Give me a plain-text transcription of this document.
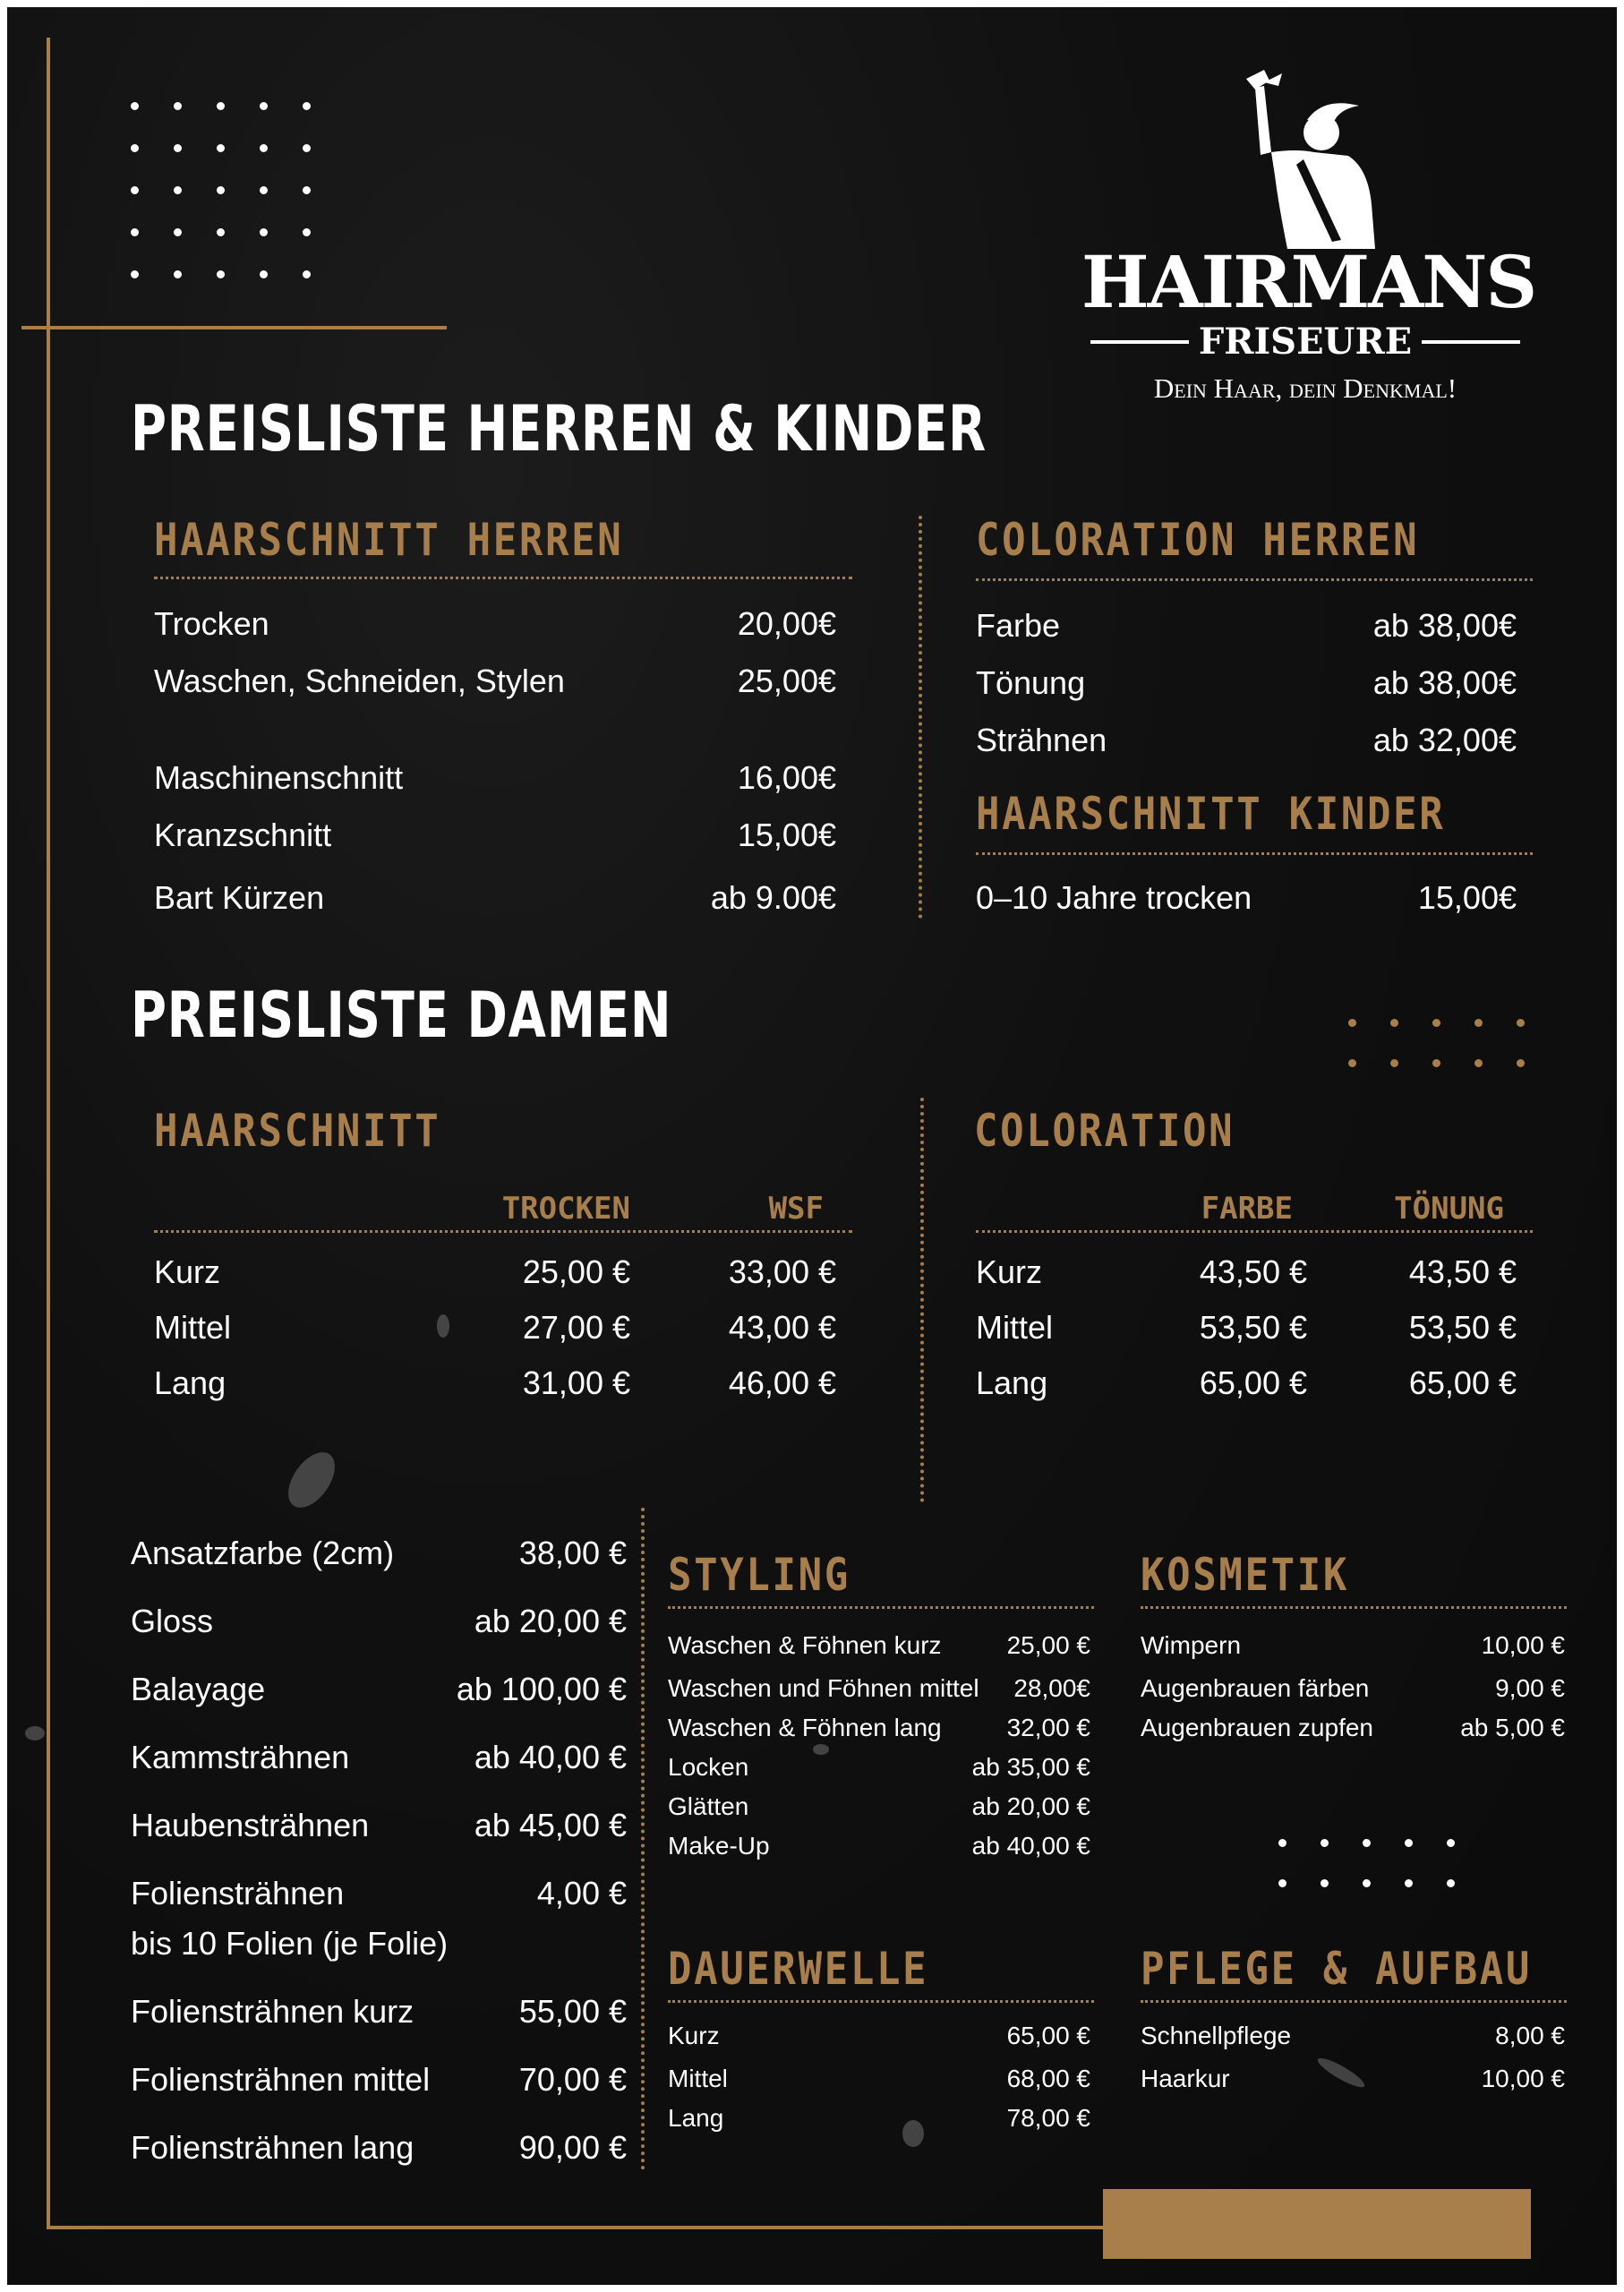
HAIRMANS
FRISEURE
Dein Haar, dein Denkmal!
PREISLISTE HERREN & KINDER
PREISLISTE DAMEN
HAARSCHNITT HERREN
Trocken	20,00€
Waschen, Schneiden, Stylen	25,00€
Maschinenschnitt	16,00€
Kranzschnitt	15,00€
Bart Kürzen	ab 9.00€
COLORATION HERREN
Farbe	ab 38,00€
Tönung	ab 38,00€
Strähnen	ab 32,00€
HAARSCHNITT KINDER
0–10 Jahre trocken	15,00€
HAARSCHNITT
TROCKEN	WSF
Kurz	25,00 €	33,00 €
Mittel	27,00 €	43,00 €
Lang	31,00 €	46,00 €
COLORATION
FARBE	TÖNUNG
Kurz	43,50 €	43,50 €
Mittel	53,50 €	53,50 €
Lang	65,00 €	65,00 €
Ansatzfarbe (2cm)	38,00 €
Gloss	ab 20,00 €
Balayage	ab 100,00 €
Kammsträhnen	ab 40,00 €
Haubensträhnen	ab 45,00 €
Foliensträhnen	4,00 €
bis 10 Folien (je Folie)
Foliensträhnen kurz	55,00 €
Foliensträhnen mittel	70,00 €
Foliensträhnen lang	90,00 €
STYLING
Waschen & Föhnen kurz	25,00 €
Waschen und Föhnen mittel	28,00€
Waschen & Föhnen lang	32,00 €
Locken	ab 35,00 €
Glätten	ab 20,00 €
Make-Up	ab 40,00 €
KOSMETIK
Wimpern	10,00 €
Augenbrauen färben	9,00 €
Augenbrauen zupfen	ab 5,00 €
DAUERWELLE
Kurz	65,00 €
Mittel	68,00 €
Lang	78,00 €
PFLEGE & AUFBAU
Schnellpflege	8,00 €
Haarkur	10,00 €
